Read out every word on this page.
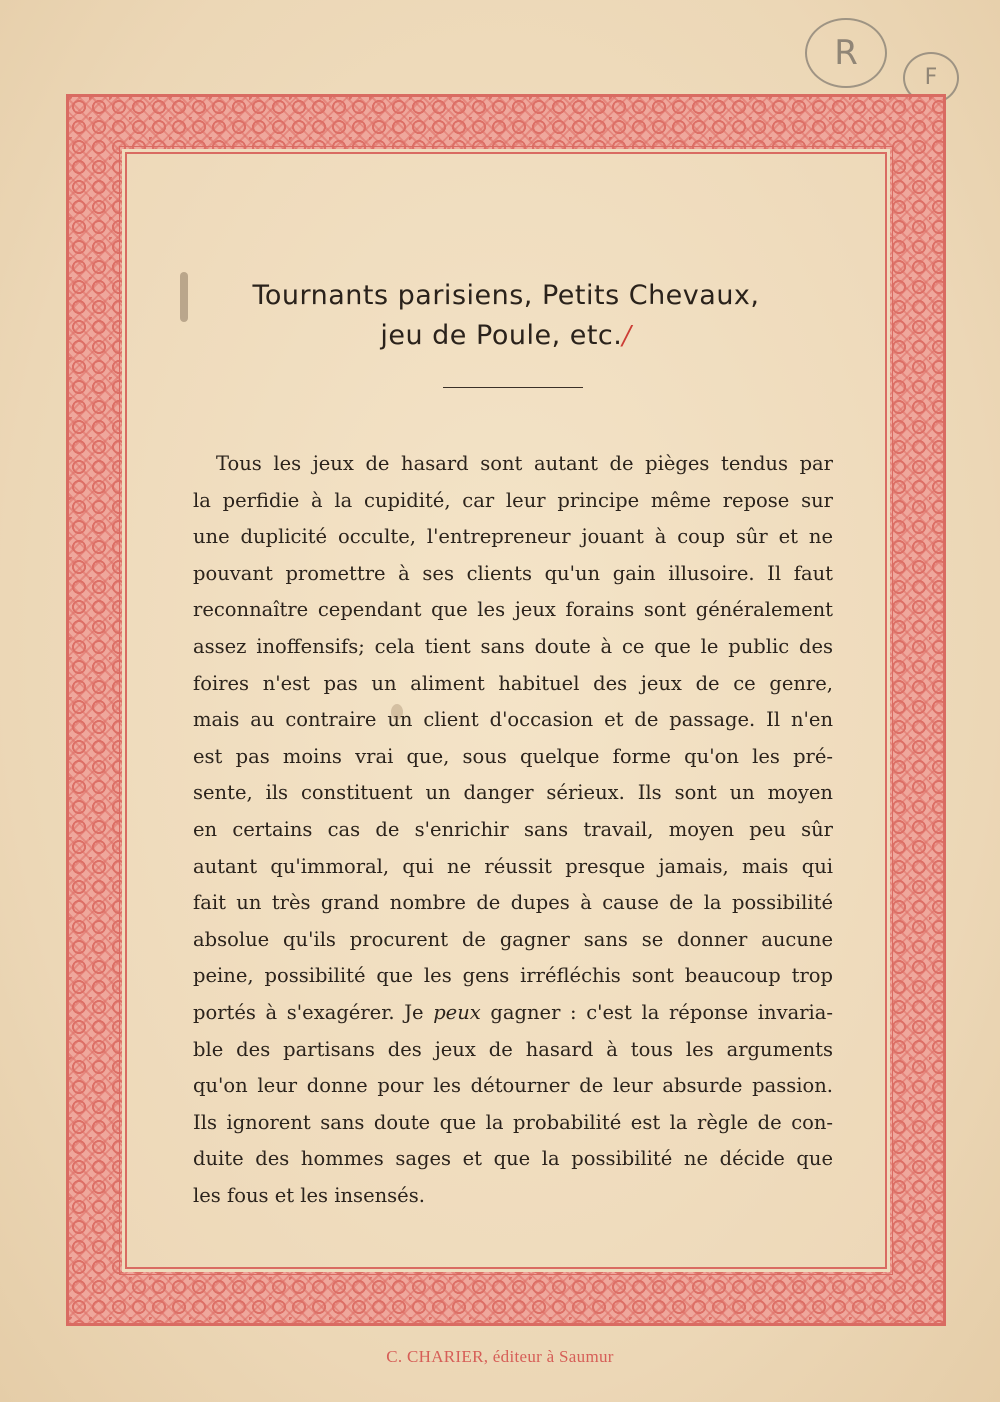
R
F

Tournants parisiens, Petits Chevaux,

jeu de Poule, etc./

Tous les jeux de hasard sont autant de pièges tendus par
la perfidie à la cupidité, car leur principe même repose sur
une duplicité occulte, l'entrepreneur jouant à coup sûr et ne
pouvant promettre à ses clients qu'un gain illusoire. Il faut
reconnaître cependant que les jeux forains sont généralement
assez inoffensifs; cela tient sans doute à ce que le public des
foires n'est pas un aliment habituel des jeux de ce genre,
mais au contraire un client d'occasion et de passage. Il n'en
est pas moins vrai que, sous quelque forme qu'on les pré-
sente, ils constituent un danger sérieux. Ils sont un moyen
en certains cas de s'enrichir sans travail, moyen peu sûr
autant qu'immoral, qui ne réussit presque jamais, mais qui
fait un très grand nombre de dupes à cause de la possibilité
absolue qu'ils procurent de gagner sans se donner aucune
peine, possibilité que les gens irréfléchis sont beaucoup trop
portés à s'exagérer. Je peux gagner : c'est la réponse invaria-
ble des partisans des jeux de hasard à tous les arguments
qu'on leur donne pour les détourner de leur absurde passion.
Ils ignorent sans doute que la probabilité est la règle de con-
duite des hommes sages et que la possibilité ne décide que
les fous et les insensés.
C. CHARIER, éditeur à Saumur
